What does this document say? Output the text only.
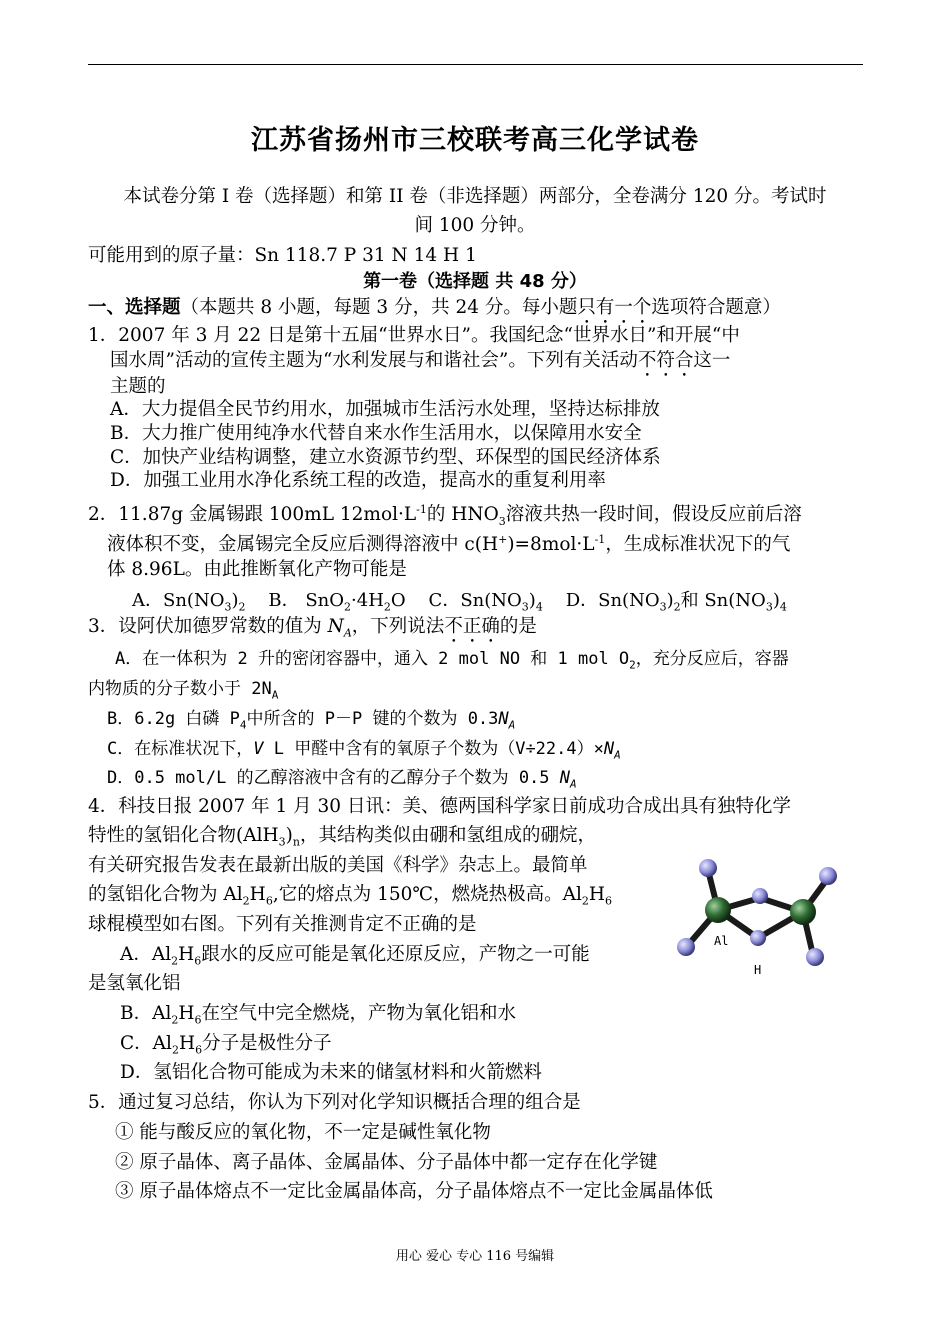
江苏省扬州市三校联考高三化学试卷
本试卷分第 I 卷（选择题）和第 II 卷（非选择题）两部分，全卷满分 120 分。考试时
间 100 分钟。
可能用到的原子量：Sn 118.7 P 31 N 14 H 1
第一卷（选择题 共 48 分）
一、选择题（本题共 8 小题，每题 3 分，共 24 分。每小题只有一个选项符合题意）
1．2007 年 3 月 22 日是第十五届“世界水日”。我国纪念“世界水日”和开展“中
国水周”活动的宣传主题为“水利发展与和谐社会”。下列有关活动不符合这一
主题的
A．大力提倡全民节约用水，加强城市生活污水处理，坚持达标排放
B．大力推广使用纯净水代替自来水作生活用水，以保障用水安全
C．加快产业结构调整，建立水资源节约型、环保型的国民经济体系
D．加强工业用水净化系统工程的改造，提高水的重复利用率
2．11.87g 金属锡跟 100mL $12mol\cdot L^{-1}$的 $HNO_3$溶液共热一段时间，假设反应前后溶
液体积不变，金属锡完全反应后测得溶液中 $c(H^+)=8mol\cdot L^{-1}$，生成标准状况下的气
体 8.96L。由此推断氧化产物可能是
A．$Sn(NO_3)_2$ B． $SnO_2\cdot 4H_2O$ C．$Sn(NO_3)_4$ D．$Sn(NO_3)_2$和 $Sn(NO_3)_4$
3．设阿伏加德罗常数的值为 $N_A$，下列说法不正确的是
A．在一体积为 2 升的密闭容器中，通入 2 mol NO 和 1 mol $O_2$，充分反应后，容器
内物质的分子数小于 $2N_A$
B．6.2g 白磷 $P_4$中所含的 P－P 键的个数为 $0.3N_A$
C．在标准状况下，V L 甲醛中含有的氧原子个数为$(V\div 22.4)\times N_A$
D．0.5 mol/L 的乙醇溶液中含有的乙醇分子个数为 0.5 $N_A$
4．科技日报 2007 年 1 月 30 日讯：美、德两国科学家日前成功合成出具有独特化学
特性的氢铝化合物$(AlH_3)_n$，其结构类似由硼和氢组成的硼烷，
有关研究报告发表在最新出版的美国《科学》杂志上。最简单
的氢铝化合物为 $Al_2H_6$,它的熔点为 150℃，燃烧热极高。$Al_2H_6$
球棍模型如右图。下列有关推测肯定不正确的是
A．$Al_2H_6$跟水的反应可能是氧化还原反应，产物之一可能
是氢氧化铝
B．$Al_2H_6$在空气中完全燃烧，产物为氧化铝和水
C．$Al_2H_6$分子是极性分子
D．氢铝化合物可能成为未来的储氢材料和火箭燃料
Al
H
5．通过复习总结，你认为下列对化学知识概括合理的组合是
① 能与酸反应的氧化物，不一定是碱性氧化物
② 原子晶体、离子晶体、金属晶体、分子晶体中都一定存在化学键
③ 原子晶体熔点不一定比金属晶体高，分子晶体熔点不一定比金属晶体低
用心 爱心 专心 116 号编辑
